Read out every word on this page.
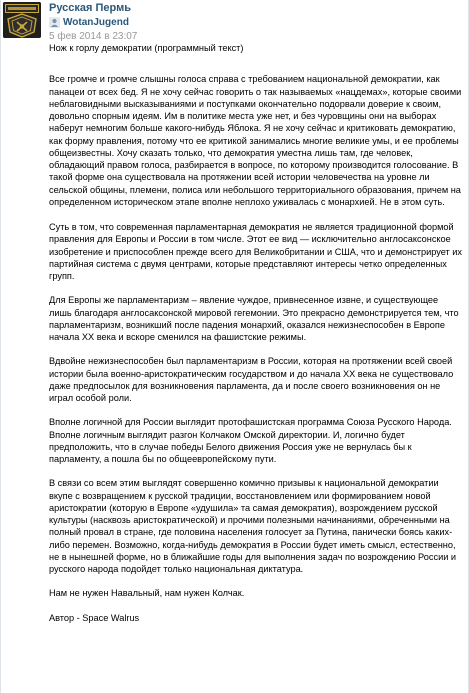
Русская Пермь
WotanJugend
5 фев 2014 в 23:07

Нож к горлу демократии (программный текст)

Все громче и громче слышны голоса справа с требованием национальной демократии, как панацеи от всех бед. Я не хочу сейчас говорить о так называемых «нацдемах», которые своими неблаговидными высказываниями и поступками окончательно подорвали доверие к своим, довольно спорным идеям. Им в политике места уже нет, и без чуровщины они на выборах наберут немногим больше какого-нибудь Яблока. Я не хочу сейчас и критиковать демократию, как форму правления, потому что ее критикой занимались многие великие умы, и ее проблемы общеизвестны. Хочу сказать только, что демократия уместна лишь там, где человек, обладающий правом голоса, разбирается в вопросе, по которому производится голосование. В такой форме она существовала на протяжении всей истории человечества на уровне ли сельской общины, племени, полиса или небольшого территориального образования, причем на определенном историческом этапе вполне неплохо уживалась с монархией. Не в этом суть.

Суть в том, что современная парламентарная демократия не является традиционной формой правления для Европы и России в том числе. Этот ее вид — исключительно англосаксонское изобретение и приспособлен прежде всего для Великобритании и США, что и демонстрирует их партийная система с двумя центрами, которые представляют интересы четко определенных групп.

Для Европы же парламентаризм – явление чуждое, привнесенное извне, и существующее лишь благодаря англосаксонской мировой гегемонии. Это прекрасно демонстрируется тем, что парламентаризм, возникший после падения монархий, оказался нежизнеспособен в Европе начала XX века и вскоре сменился на фашистские режимы.

Вдвойне нежизнеспособен был парламентаризм в России, которая на протяжении всей своей истории была военно-аристократическим государством и до начала XX века не существовало даже предпосылок для возникновения парламента, да и после своего возникновения он не играл особой роли.

Вполне логичной для России выглядит протофашистская программа Союза Русского Народа. Вполне логичным выглядит разгон Колчаком Омской директории. И, логично будет предположить, что в случае победы Белого движения Россия уже не вернулась бы к парламенту, а пошла бы по общеевропейскому пути.

В связи со всем этим выглядят совершенно комично призывы к национальной демократии вкупе с возвращением к русской традиции, восстановлением или формированием новой аристократии (которую в Европе «удушила» та самая демократия), возрождением русской культуры (насквозь аристократической) и прочими полезными начинаниями, обреченными на полный провал в стране, где половина населения голосует за Путина, панически боясь каких-либо перемен. Возможно, когда-нибудь демократия в России будет иметь смысл, естественно, не в нынешней форме, но в ближайшие годы для выполнения задач по возрождению России и русского народа подойдет только национальная диктатура.

Нам не нужен Навальный, нам нужен Колчак.

Автор - Space Walrus
